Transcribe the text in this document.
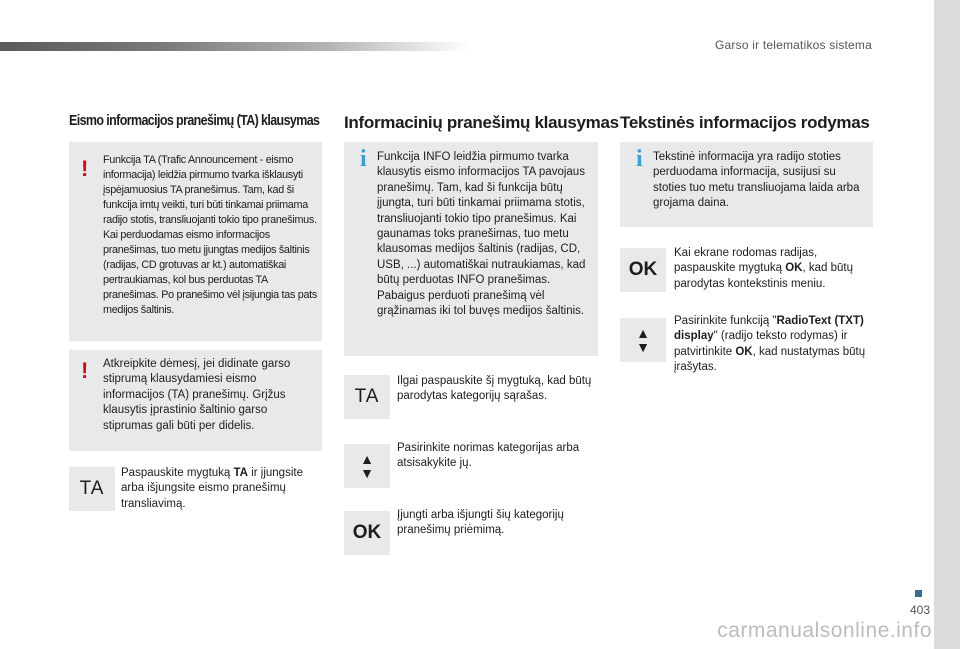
Garso ir telematikos sistema
Eismo informacijos pranešimų (TA) klausymas
! Funkcija TA (Trafic Announcement - eismo informacija) leidžia pirmumo tvarka išklausyti įspėjamuosius TA pranešimus. Tam, kad ši funkcija imtų veikti, turi būti tinkamai priimama radijo stotis, transliuojanti tokio tipo pranešimus. Kai perduodamas eismo informacijos pranešimas, tuo metu įjungtas medijos šaltinis (radijas, CD grotuvas ar kt.) automatiškai pertraukiamas, kol bus perduotas TA pranešimas. Po pranešimo vėl įsijungia tas pats medijos šaltinis.
! Atkreipkite dėmesį, jei didinate garso stiprumą klausydamiesi eismo informacijos (TA) pranešimų. Grįžus klausytis įprastinio šaltinio garso stiprumas gali būti per didelis.
TA
Paspauskite mygtuką TA ir įjungsite arba išjungsite eismo pranešimų transliavimą.
Informacinių pranešimų klausymas
i Funkcija INFO leidžia pirmumo tvarka klausytis eismo informacijos TA pavojaus pranešimų. Tam, kad ši funkcija būtų įjungta, turi būti tinkamai priimama stotis, transliuojanti tokio tipo pranešimus. Kai gaunamas toks pranešimas, tuo metu klausomas medijos šaltinis (radijas, CD, USB, ...) automatiškai nutraukiamas, kad būtų perduotas INFO pranešimas. Pabaigus perduoti pranešimą vėl grąžinamas iki tol buvęs medijos šaltinis.
TA
Ilgai paspauskite šį mygtuką, kad būtų parodytas kategorijų sąrašas.
▲
▼
Pasirinkite norimas kategorijas arba atsisakykite jų.
OK
Įjungti arba išjungti šių kategorijų pranešimų priėmimą.
Tekstinės informacijos rodymas
i Tekstinė informacija yra radijo stoties perduodama informacija, susijusi su stoties tuo metu transliuojama laida arba grojama daina.
OK
Kai ekrane rodomas radijas, paspauskite mygtuką OK, kad būtų parodytas kontekstinis meniu.
▲
▼
Pasirinkite funkciją "RadioText (TXT) display" (radijo teksto rodymas) ir patvirtinkite OK, kad nustatymas būtų įrašytas.
403
carmanualsonline.info
